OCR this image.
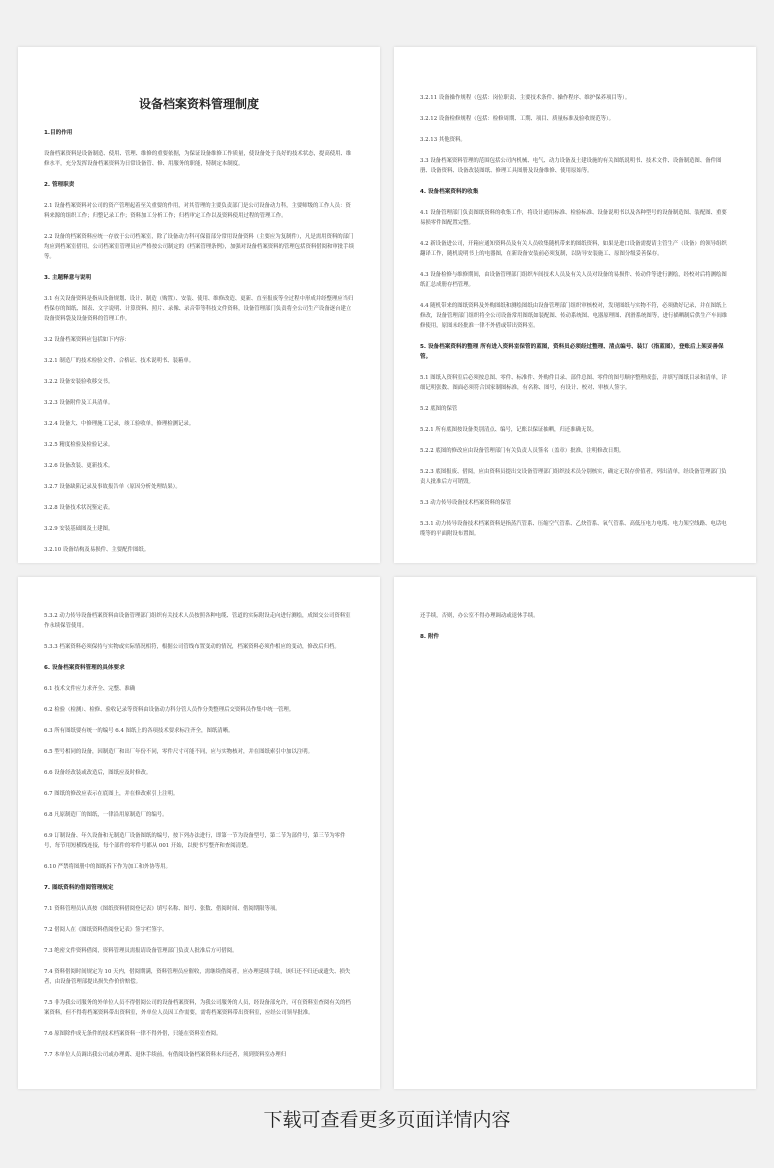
设备档案资料管理制度
1.目的作用
设备档案资料是设备制造、使用、管理、维修的重要依据，为保证设备维修工作质量，使设备处于良好的技术状态，提高使用、维修水平，充分发挥设备档案资料为日常设备管、修、用服务的职能，特制定本制度。
2. 管理职责
2.1 设备档案资料对公司的资产管理起着至关重要的作用，对其管理的主要负责部门是公司设备动力科，主要师级的工作人员：资料来源的组织工作；归整记录工作；资料加工分析工作；归档审定工作以及资料使用过程的管理工作。
2.2 设备的档案资料应统一存放于公司档案室，除了设备动力科可保留部分常用设备资料（主要应为复制件），凡是需用资料的部门均应到档案室借用，公司档案室管理员应严格按公司制定的《档案管理条例》，加强对设备档案资料的管理包括资料借阅和审批手续等。
3. 主题释意与说明
3.1 有关设备资料是指从设备规划、设计、制造（购置）、安装、使用、维修改造、更新、直至报废等全过程中形成并经整理应当归档保存的图纸、图表、文字说明、计算资料、照片、录像、录音带等科技文件资料，设备管理部门负责将全公司生产设备逐台建立设备资料袋及设备资料的管理工作。
3.2 设备档案资料应包括如下内容：
3.2.1 制造厂的技术检验文件、合格证、技术说明书、装箱单。
3.2.2 设备安装验收移交书。
3.2.3 设备附件及工具清单。
3.2.4 设备大、中修理施工记录，竣工验收单，修理检测记录。
3.2.5 精度检验及检验记录。
3.2.6 设备改装、更新技术。
3.2.7 设备缺陷记录及事故报告单（原因分析处理结果）。
3.2.8 设备技术状况鉴定表。
3.2.9 安装基础图及土建图。
3.2.10 设备结构及易损件、主要配件图纸。
3.2.11 设备操作规程（包括：岗位职责、主要技术条件、操作程序、维护保养项目等）。
3.2.12 设备检修规程（包括：检修周期、工期、项目、质量标准及验收规范等）。
3.2.13 其他资料。
3.3 设备档案资料管理的范围包括公司内机械、电气、动力设备及土建设施的有关图纸说明书、技术文件、设备制造图、备件图册、设备资料、设备改装图纸、修理工具图册及设备维修、使用原始等。
4. 设备档案资料的收集
4.1 设备管理部门负责图纸资料的收集工作，将设计通用标准、检验标准、设备说明书以及各种型号的设备制造图、装配图、重要易损零件图配置完整。
4.2 新设备进公司，开箱应通知资料员及有关人员收集随机带来的图纸资料，如果是进口设备需提请主管生产（设备）的领导组织翻译工作，随机说明书上的电器图，在新设备安装前必须复制，以防导安装施工、原图分级妥善保存。
4.3 设备检修与维修期间，由设备管理部门组织车间技术人员及有关人员对设备的易损件、传动件等进行测绘，经校对后将测绘图纸汇总成册存档管理。
4.4 随机带来的图纸资料及外购图纸和测绘图纸由设备管理部门组织审核校对，发现图纸与实物不符，必须做好记录，并在图纸上修改，设备管理部门组织将全公司设备常用图纸如装配图、传动系统图、电器原理图、润滑系统图等，进行描晒制后供生产车间维修使用，原图未经批准一律不外借或带出资料室。
5. 设备档案资料的整理 所有进入资料室保管的蓝图，资料员必须经过整理、清点编号、装订（指蓝图），登账后上架妥善保管。
5.1 图纸入资料室后必须按总图、零件、标准件、外购件目录、部件总图、零件的图号顺序整理成套，并填写图纸目录和清单，详细记明张数、图面必须符合国家制图标准，有名称、图号，有设计、校对、审核人签字。
5.2 底图的保管
5.2.1 所有底图按设备类别清点、编号，记账以保证抽晒，归还准确无误。
5.2.2 底图的修改应由设备管理部门有关负责人员签名（盖章）批准，注明修改日期。
5.2.3 底图报废、借阅，应由资料员提出交设备管理部门组织技术员分别核实，确定无误存价值者，列出清单，经设备管理部门负责人批准后方可销毁。
5.3 动力传导设备技术档案资料的保管
5.3.1 动力传导设备技术档案资料是指蒸汽管系、压缩空气管系、乙炔管系、氧气管系、高低压电力电缆、电力架空线路、电话电缆等的平面附设布置图。
5.3.2 动力传导设备档案资料由设备管理部门组织有关技术人员按照各种电缆、管道的实际附设走向进行测绘，成图交公司资料室作永续保管使用。
5.3.3 档案资料必须保持与实物或实际情况相符，根据公司管线布置变动的情况，档案资料必须作相应的变动，修改后归档。
6. 设备档案资料管理的具体要求
6.1 技术文件应力求齐全、完整、准确
6.2 检验（检测）、检修、验收记录等资料由设备动力科分管人员作分类整理后交资料员作集中统一管理。
6.3 所有图纸要有统一的编号 6.4 图纸上的各项技术要求标注齐全，图纸清晰。
6.5 型号相同的设备，因制造厂和出厂年份不同，零件尺寸可能不同，应与实物核对，并在图纸索引中加以注明。
6.6 设备经改装或改造后，图纸应及时修改。
6.7 图纸的修改应表示在底图上，并在修改索引上注明。
6.8 凡原制造厂的图纸，一律沿用原制造厂的编号。
6.9 订制设备、年久设备和无制造厂设备图纸的编号，按下列办法进行，即第一节为设备型号，第二节为部件号，第三节为零件号，每节用短横线连接，每个部件的零件号都从 001 开始，以便书写整齐和查阅清楚。
6.10 严禁将图册中的图纸拆下作为加工和外协等用。
7. 图纸资料的借阅管理规定
7.1 资料管理员认真按《图纸资料借阅登记表》填写名称、图号、张数、借阅时间、借阅期限等项。
7.2 借阅人在《图纸资料借阅登记表》签字栏签字。
7.3 绝密文件资料借阅，资料管理员需报请设备管理部门负责人批准后方可借阅。
7.4 资料借阅时间规定为 10 天内，借阅期满，资料管理员应催收，需继续借阅者，应办理延续手续，该归还不归还或遗失、损失者，由设备管理部提出损失作价价赔偿。
7.5 非为我公司服务的外单位人员不得借阅公司的设备档案资料，为我公司服务的人员，经设备部允许，可在资料室查阅有关的档案资料，但不得将档案资料带出资料室，外单位人员因工作需要，需将档案资料带出资料室，应经公司领导批准。
7.6 原图除作成无条件的技术档案资料一律不得外借，只能在资料室查阅。
7.7 本单位人员调出我公司或办理离、退休手续前，有借阅设备档案资料未归还者，须到资料室办理归
还手续，否则，办公室不得办理调动或退休手续。
8. 附件
下载可查看更多页面详情内容
